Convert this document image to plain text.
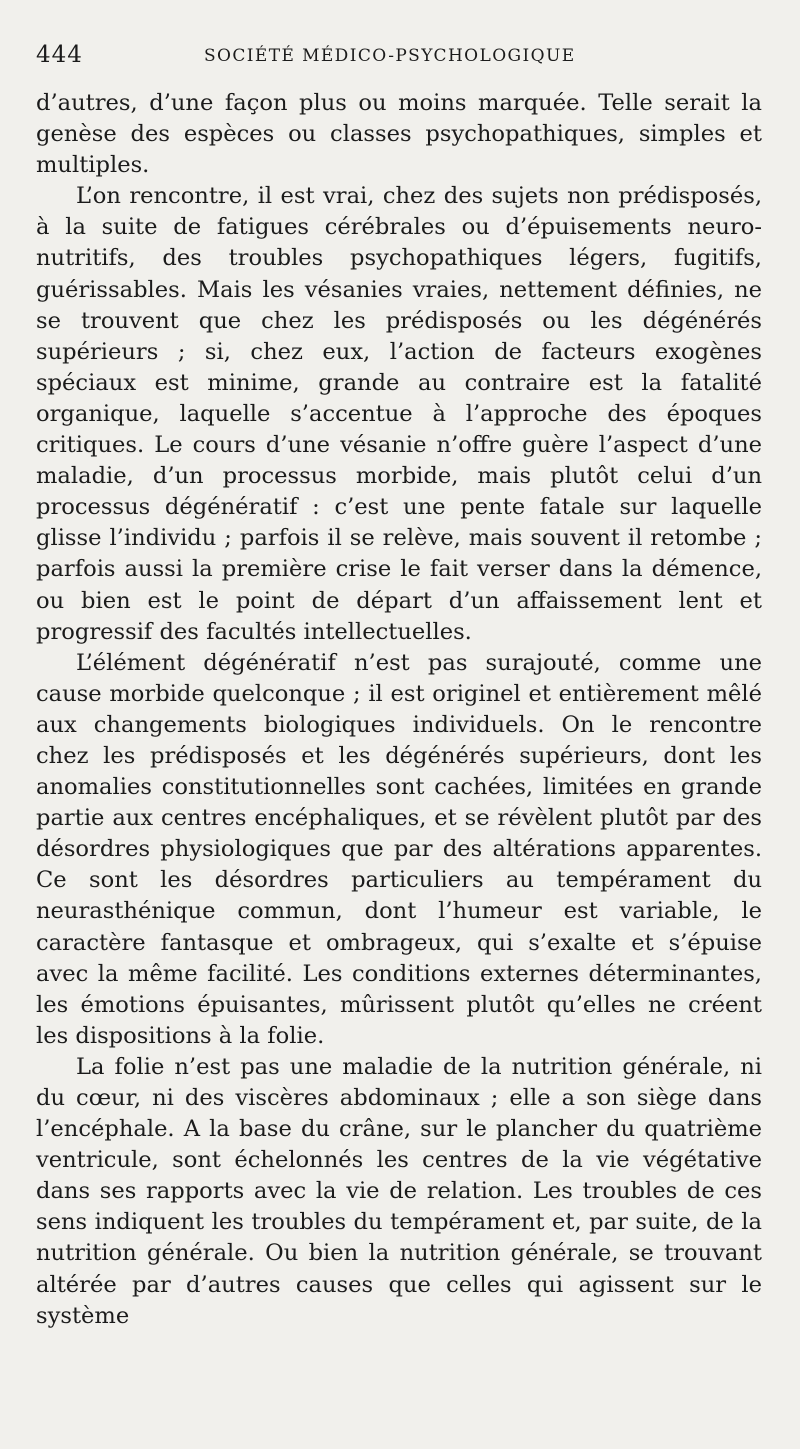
444	SOCIÉTÉ MÉDICO-PSYCHOLOGIQUE

d’autres, d’une façon plus ou moins marquée. Telle serait la genèse des espèces ou classes psychopathiques, simples et multiples.

L’on rencontre, il est vrai, chez des sujets non prédisposés, à la suite de fatigues cérébrales ou d’épuisements neuro-nutritifs, des troubles psychopathiques légers, fugitifs, guérissables. Mais les vésanies vraies, nettement définies, ne se trouvent que chez les prédisposés ou les dégénérés supérieurs ; si, chez eux, l’action de facteurs exogènes spéciaux est minime, grande au contraire est la fatalité organique, laquelle s’accentue à l’approche des époques critiques. Le cours d’une vésanie n’offre guère l’aspect d’une maladie, d’un processus morbide, mais plutôt celui d’un processus dégénératif : c’est une pente fatale sur laquelle glisse l’individu ; parfois il se relève, mais souvent il retombe ; parfois aussi la première crise le fait verser dans la démence, ou bien est le point de départ d’un affaissement lent et progressif des facultés intellectuelles.

L’élément dégénératif n’est pas surajouté, comme une cause morbide quelconque ; il est originel et entièrement mêlé aux changements biologiques individuels. On le rencontre chez les prédisposés et les dégénérés supérieurs, dont les anomalies constitutionnelles sont cachées, limitées en grande partie aux centres encéphaliques, et se révèlent plutôt par des désordres physiologiques que par des altérations apparentes. Ce sont les désordres particuliers au tempérament du neurasthénique commun, dont l’humeur est variable, le caractère fantasque et ombrageux, qui s’exalte et s’épuise avec la même facilité. Les conditions externes déterminantes, les émotions épuisantes, mûrissent plutôt qu’elles ne créent les dispositions à la folie.

La folie n’est pas une maladie de la nutrition générale, ni du cœur, ni des viscères abdominaux ; elle a son siège dans l’encéphale. A la base du crâne, sur le plancher du quatrième ventricule, sont échelonnés les centres de la vie végétative dans ses rapports avec la vie de relation. Les troubles de ces sens indiquent les troubles du tempérament et, par suite, de la nutrition générale. Ou bien la nutrition générale, se trouvant altérée par d’autres causes que celles qui agissent sur le système
